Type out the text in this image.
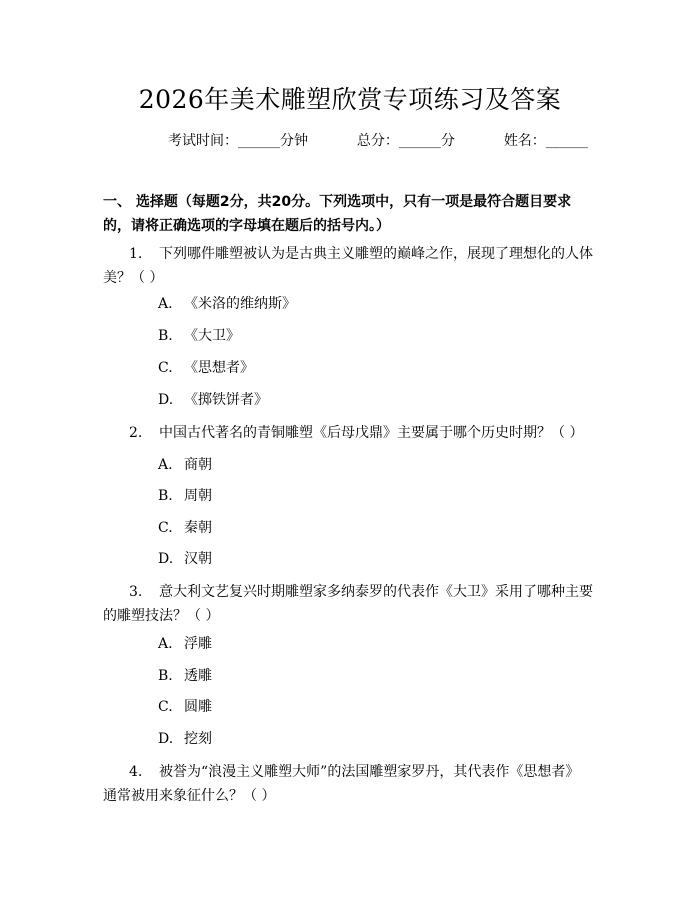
2026年美术雕塑欣赏专项练习及答案
考试时间：______分钟	总分：______分	姓名：______
一、 选择题（每题2分，共20分。下列选项中，只有一项是最符合题目要求的，请将正确选项的字母填在题后的括号内。）
1. 下列哪件雕塑被认为是古典主义雕塑的巅峰之作，展现了理想化的人体美？（ ）
A. 《米洛的维纳斯》
B. 《大卫》
C. 《思想者》
D. 《掷铁饼者》
2. 中国古代著名的青铜雕塑《后母戊鼎》主要属于哪个历史时期？（ ）
A. 商朝
B. 周朝
C. 秦朝
D. 汉朝
3. 意大利文艺复兴时期雕塑家多纳泰罗的代表作《大卫》采用了哪种主要的雕塑技法？（ ）
A. 浮雕
B. 透雕
C. 圆雕
D. 挖刻
4. 被誉为“浪漫主义雕塑大师”的法国雕塑家罗丹，其代表作《思想者》通常被用来象征什么？（ ）
